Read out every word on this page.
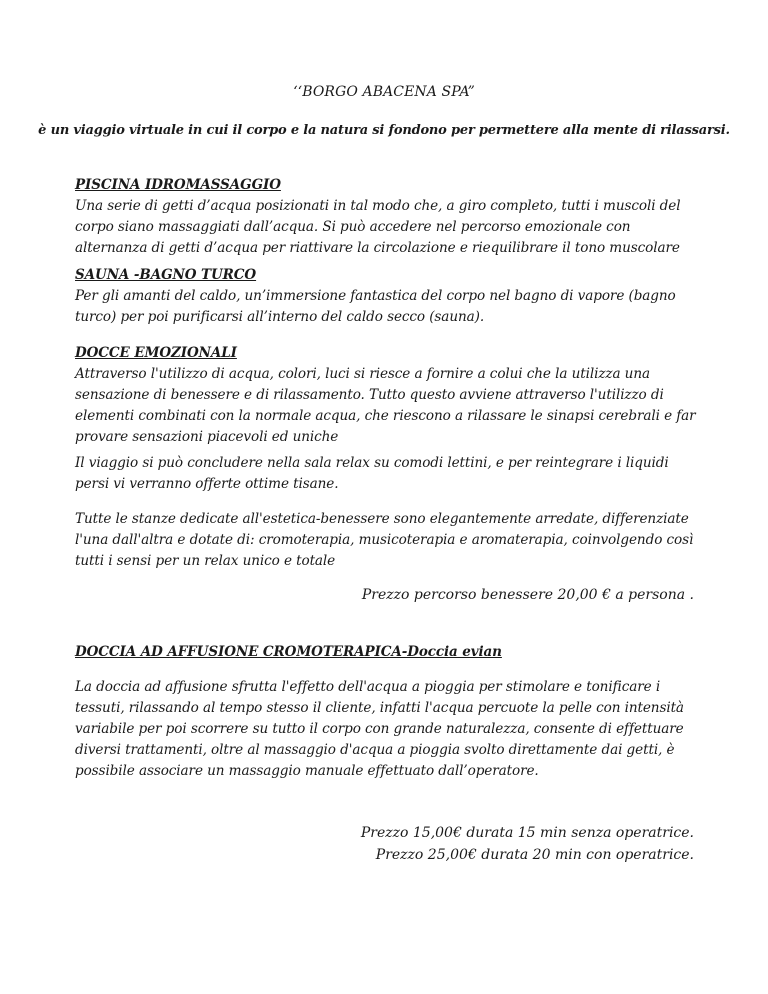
‘‘BORGO ABACENA SPA”
è un viaggio virtuale in cui il corpo e la natura si fondono per permettere alla mente di rilassarsi.

PISCINA IDROMASSAGGIO

Una serie di getti d’acqua posizionati in tal modo che, a giro completo, tutti i muscoli del corpo siano massaggiati dall’acqua. Si può accedere nel percorso emozionale con alternanza di getti d’acqua per riattivare la circolazione e riequilibrare il tono muscolare

SAUNA -BAGNO TURCO

Per gli amanti del caldo, un’immersione fantastica del corpo nel bagno di vapore (bagno turco) per poi purificarsi all’interno del caldo secco (sauna).

DOCCE EMOZIONALI

Attraverso l'utilizzo di acqua, colori, luci si riesce a fornire a colui che la utilizza una sensazione di benessere e di rilassamento. Tutto questo avviene attraverso l'utilizzo di elementi combinati con la normale acqua, che riescono a rilassare le sinapsi cerebrali e far provare sensazioni piacevoli ed uniche

Il viaggio si può concludere nella sala relax su comodi lettini, e per reintegrare i liquidi persi vi verranno offerte ottime tisane.

Tutte le stanze dedicate all'estetica-benessere sono elegantemente arredate, differenziate l'una dall'altra e dotate di: cromoterapia, musicoterapia e aromaterapia, coinvolgendo così tutti i sensi per un relax unico e totale

Prezzo percorso benessere 20,00 € a persona .

DOCCIA AD AFFUSIONE CROMOTERAPICA-Doccia evian

La doccia ad affusione sfrutta l'effetto dell'acqua a pioggia per stimolare e tonificare i tessuti, rilassando al tempo stesso il cliente, infatti l'acqua percuote la pelle con intensità variabile per poi scorrere su tutto il corpo con grande naturalezza, consente di effettuare diversi trattamenti, oltre al massaggio d'acqua a pioggia svolto direttamente dai getti, è possibile associare un massaggio manuale effettuato dall’operatore.

Prezzo 15,00€ durata 15 min senza operatrice.
Prezzo 25,00€ durata 20 min con operatrice.
